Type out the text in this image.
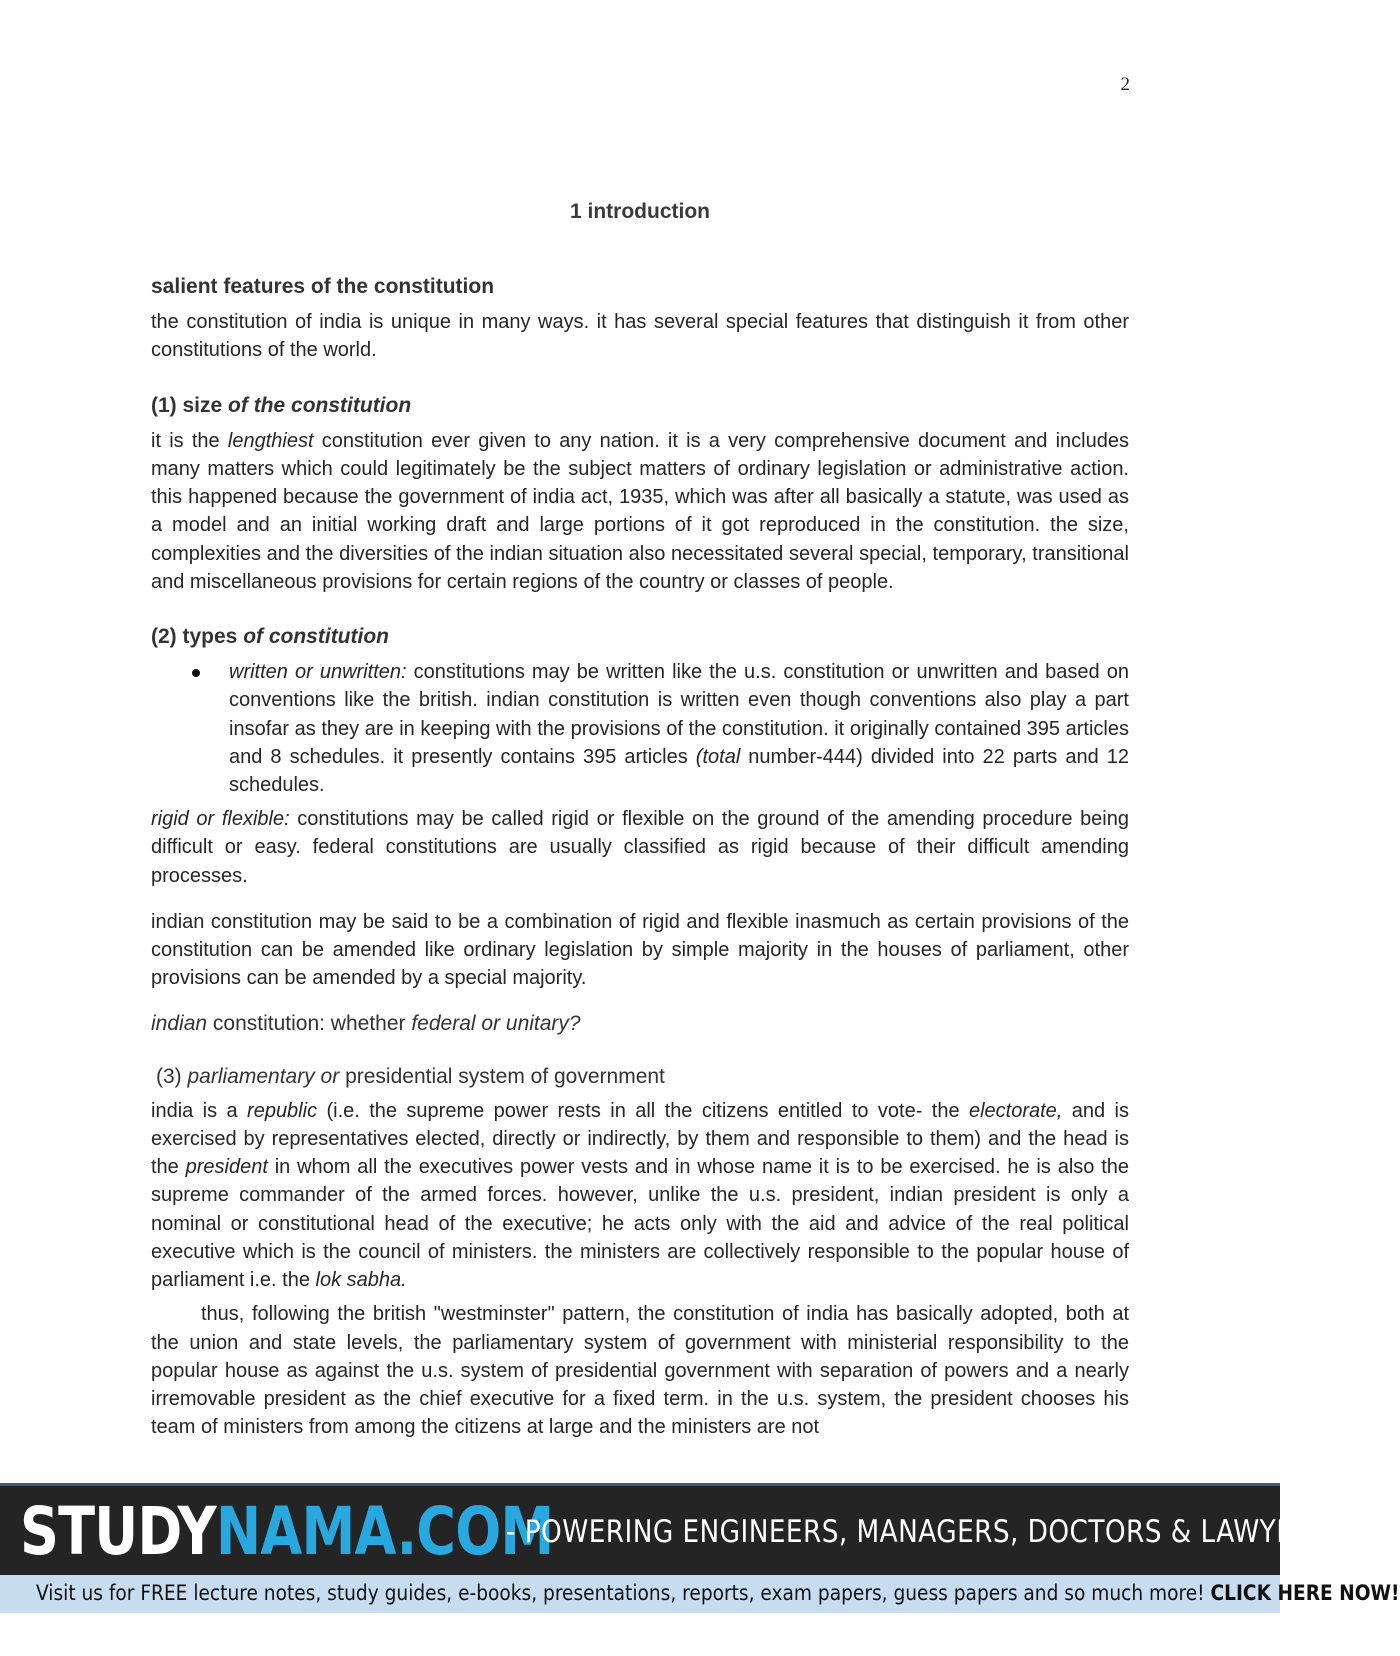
2
1 introduction
salient features of the constitution

the constitution of india is unique in many ways. it has several special features that distinguish it from other constitutions of the world.

(1) size of the constitution

it is the lengthiest constitution ever given to any nation. it is a very comprehensive document and includes many matters which could legitimately be the subject matters of ordinary legislation or administrative action. this happened because the government of india act, 1935, which was after all basically a statute, was used as a model and an initial working draft and large portions of it got reproduced in the constitution. the size, complexities and the diversities of the indian situation also necessitated several special, temporary, transitional and miscellaneous provisions for certain regions of the country or classes of people.

(2) types of constitution
written or unwritten: constitutions may be written like the u.s. constitution or unwritten and based on conventions like the british. indian constitution is written even though conventions also play a part insofar as they are in keeping with the provisions of the constitution. it originally contained 395 articles and 8 schedules. it presently contains 395 articles (total number-444) divided into 22 parts and 12 schedules.

rigid or flexible: constitutions may be called rigid or flexible on the ground of the amending procedure being difficult or easy. federal constitutions are usually classified as rigid because of their difficult amending processes.

indian constitution may be said to be a combination of rigid and flexible inasmuch as certain provisions of the constitution can be amended like ordinary legislation by simple majority in the houses of parliament, other provisions can be amended by a special majority.

indian constitution: whether federal or unitary?

(3) parliamentary or presidential system of government

india is a republic (i.e. the supreme power rests in all the citizens entitled to vote- the electorate, and is exercised by representatives elected, directly or indirectly, by them and responsible to them) and the head is the president in whom all the executives power vests and in whose name it is to be exercised. he is also the supreme commander of the armed forces. however, unlike the u.s. president, indian president is only a nominal or constitutional head of the executive; he acts only with the aid and advice of the real political executive which is the council of ministers. the ministers are collectively responsible to the popular house of parliament i.e. the lok sabha.

thus, following the british "westminster" pattern, the constitution of india has basically adopted, both at the union and state levels, the parliamentary system of government with ministerial responsibility to the popular house as against the u.s. system of presidential government with separation of powers and a nearly irremovable president as the chief executive for a fixed term. in the u.s. system, the president chooses his team of ministers from among the citizens at large and the ministers are not

STUDYNAMA.COM
- POWERING ENGINEERS, MANAGERS, DOCTORS & LAWYERS.
Visit us for FREE lecture notes, study guides, e-books, presentations, reports, exam papers, guess papers and so much more! CLICK HERE NOW!
